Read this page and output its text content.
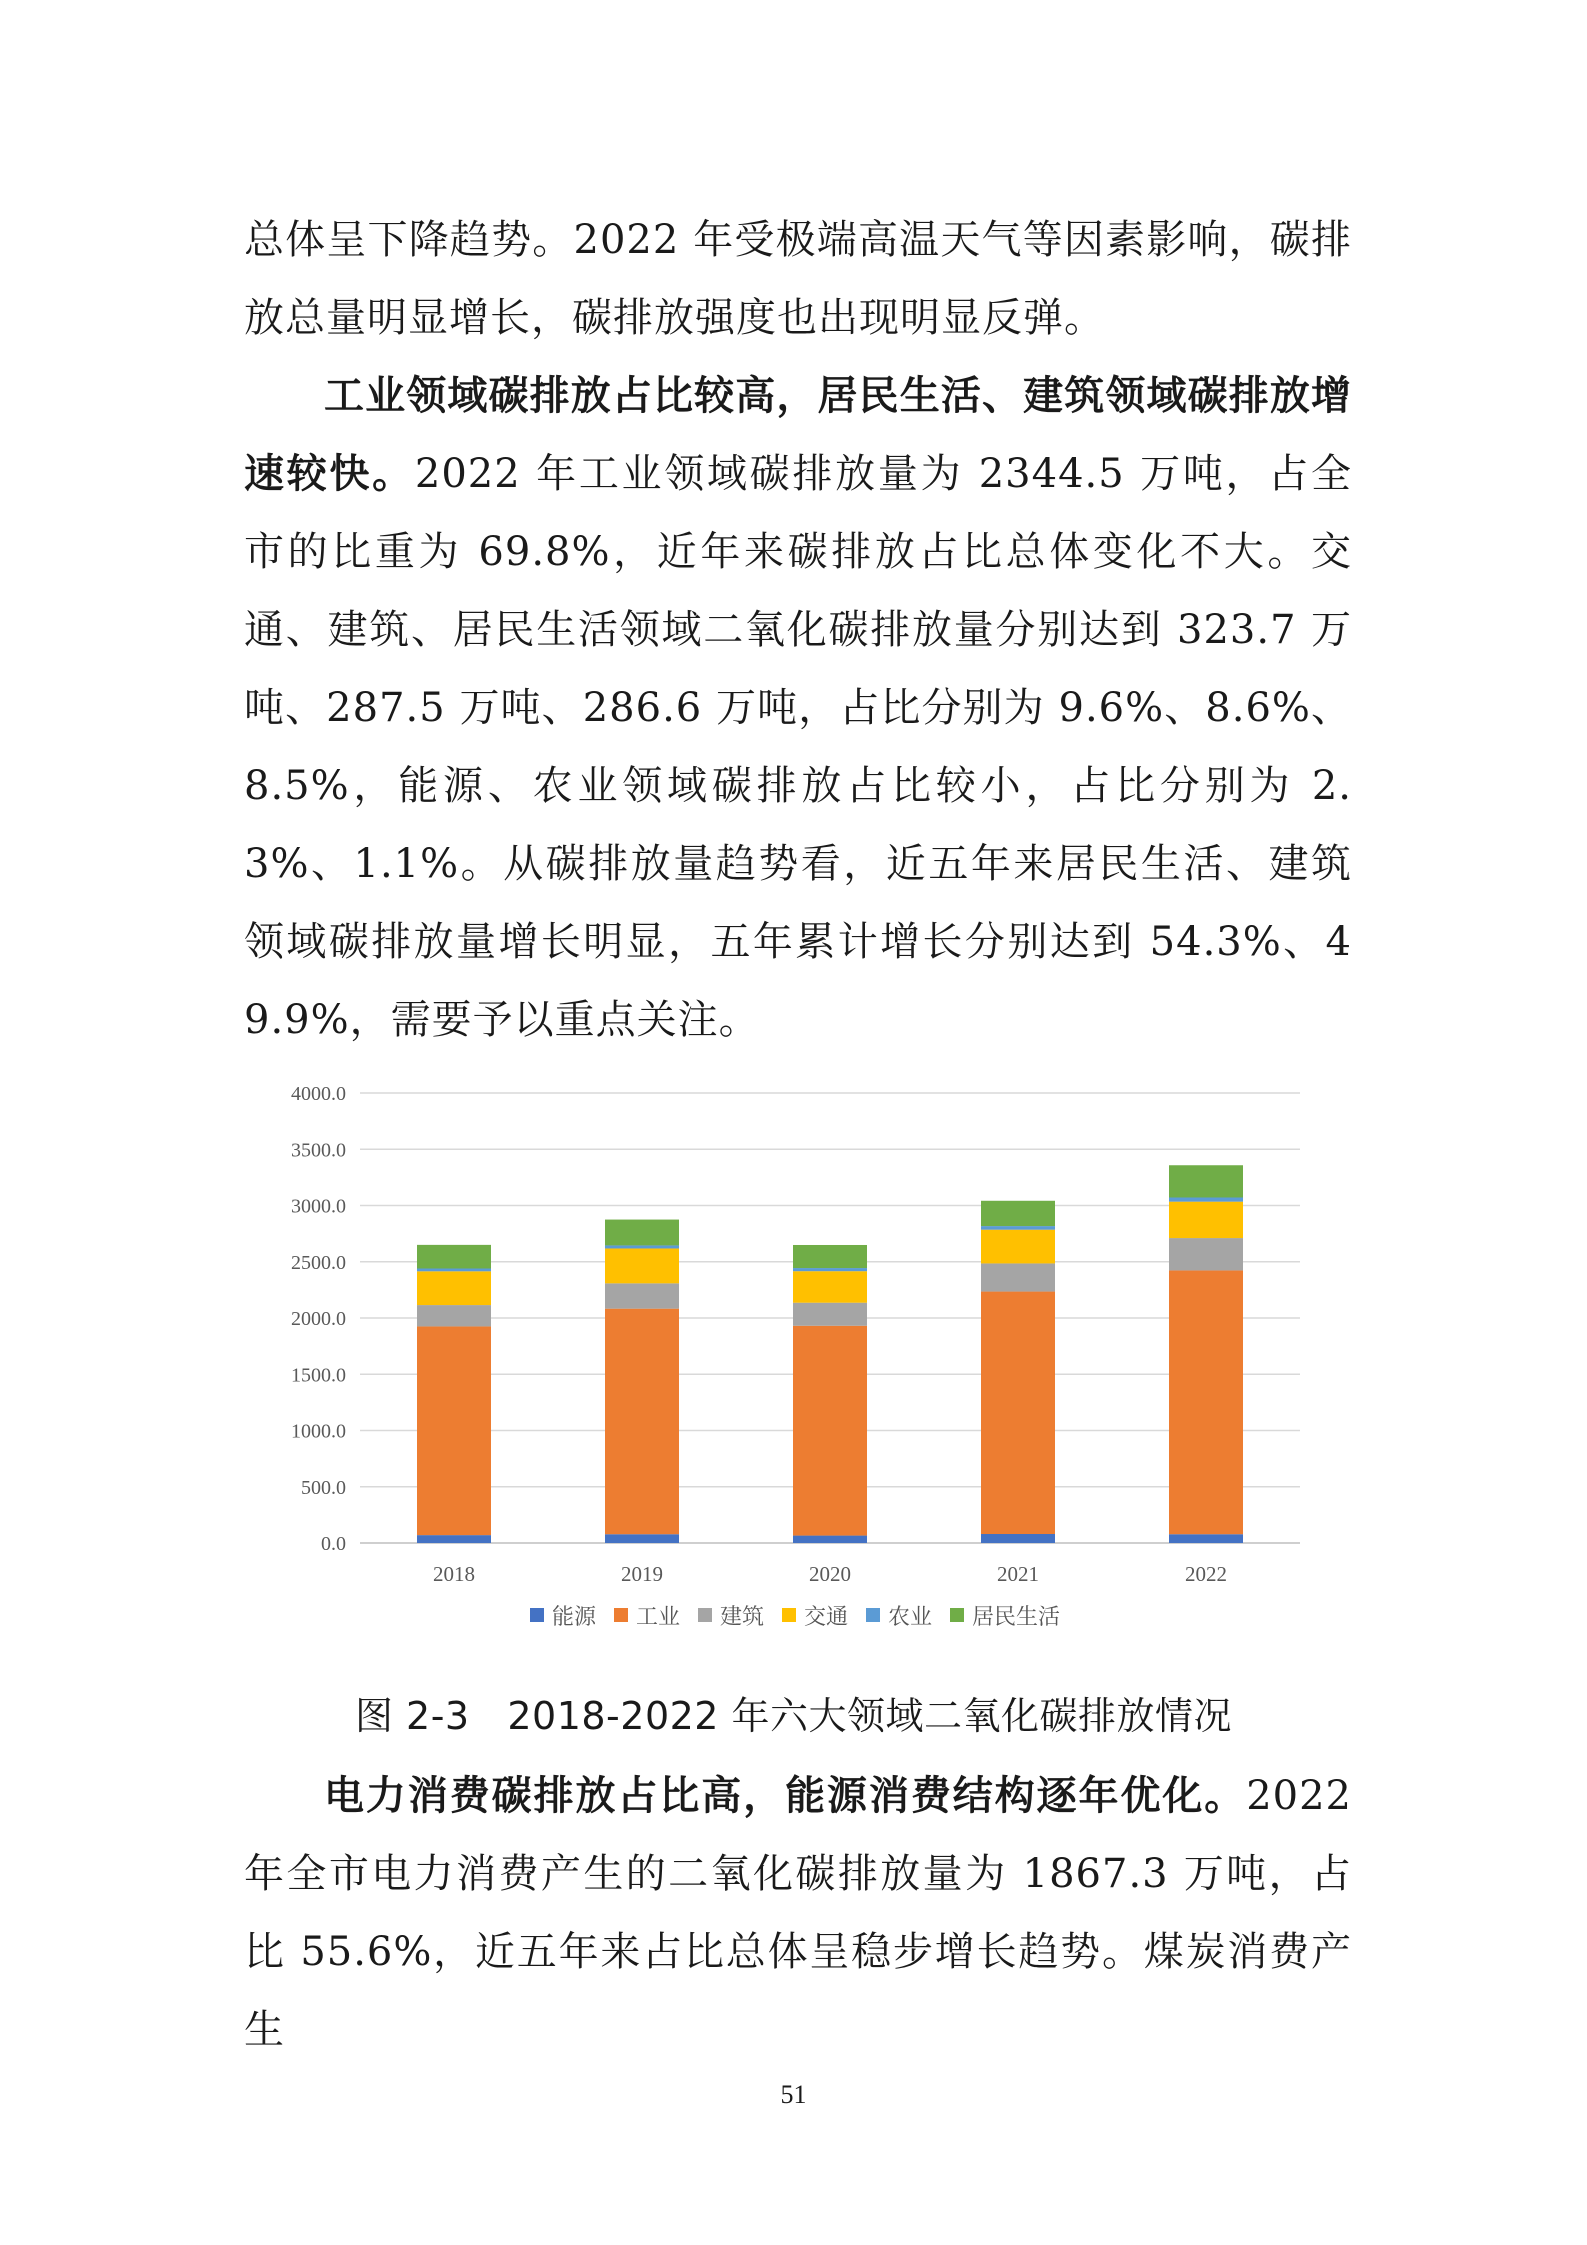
总体呈下降趋势。2022 年受极端高温天气等因素影响，碳排放总量明显增长，碳排放强度也出现明显反弹。

工业领域碳排放占比较高，居民生活、建筑领域碳排放增速较快。2022 年工业领域碳排放量为 2344.5 万吨，占全市的比重为 69.8%，近年来碳排放占比总体变化不大。交通、建筑、居民生活领域二氧化碳排放量分别达到 323.7 万吨、287.5 万吨、286.6 万吨，占比分别为 9.6%、8.6%、8.5%，能源、农业领域碳排放占比较小，占比分别为 2.3%、1.1%。从碳排放量趋势看，近五年来居民生活、建筑领域碳排放量增长明显，五年累计增长分别达到 54.3%、49.9%，需要予以重点关注。

0.0
500.0
1000.0
1500.0
2000.0
2500.0
3000.0
3500.0
4000.0
2018	2019	2020	2021	2022
能源 工业 建筑 交通 农业 居民生活
图 2-3 2018-2022 年六大领域二氧化碳排放情况

电力消费碳排放占比高，能源消费结构逐年优化。2022 年全市电力消费产生的二氧化碳排放量为 1867.3 万吨，占比 55.6%，近五年来占比总体呈稳步增长趋势。煤炭消费产生

51
